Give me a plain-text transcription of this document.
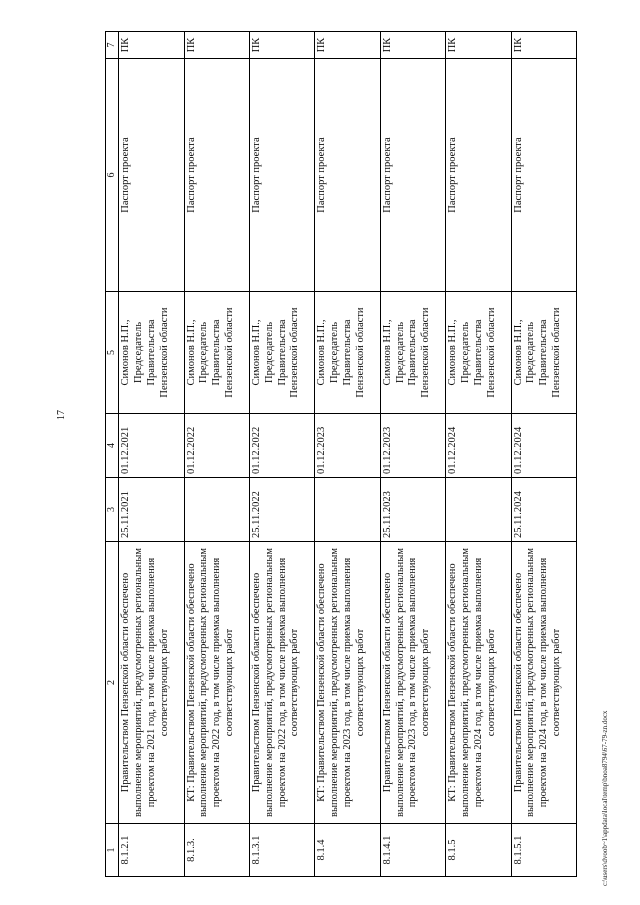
17
c:\users\dvoob~1\appdata\local\temp\bnoa8794\67-79-zn.docx
1	2	3	4	5	6	7
8.1.2.1	Правительством Пензенской области обеспечено выполнение мероприятий, предусмотренных региональным проектом на 2021 год, в том числе приемка выполнения соответствующих работ	25.11.2021	01.12.2021	Симонов Н.П., Председатель Правительства Пензенской области	Паспорт проекта	ПК
8.1.3.	КТ: Правительством Пензенской области обеспечено выполнение мероприятий, предусмотренных региональным проектом на 2022 год, в том числе приемка выполнения соответствующих работ		01.12.2022	Симонов Н.П., Председатель Правительства Пензенской области	Паспорт проекта	ПК
8.1.3.1	Правительством Пензенской области обеспечено выполнение мероприятий, предусмотренных региональным проектом на 2022 год, в том числе приемка выполнения соответствующих работ	25.11.2022	01.12.2022	Симонов Н.П., Председатель Правительства Пензенской области	Паспорт проекта	ПК
8.1.4	КТ: Правительством Пензенской области обеспечено выполнение мероприятий, предусмотренных региональным проектом на 2023 год, в том числе приемка выполнения соответствующих работ		01.12.2023	Симонов Н.П., Председатель Правительства Пензенской области	Паспорт проекта	ПК
8.1.4.1	Правительством Пензенской области обеспечено выполнение мероприятий, предусмотренных региональным проектом на 2023 год, в том числе приемка выполнения соответствующих работ	25.11.2023	01.12.2023	Симонов Н.П., Председатель Правительства Пензенской области	Паспорт проекта	ПК
8.1.5	КТ: Правительством Пензенской области обеспечено выполнение мероприятий, предусмотренных региональным проектом на 2024 год, в том числе приемка выполнения соответствующих работ		01.12.2024	Симонов Н.П., Председатель Правительства Пензенской области	Паспорт проекта	ПК
8.1.5.1	Правительством Пензенской области обеспечено выполнение мероприятий, предусмотренных региональным проектом на 2024 год, в том числе приемка выполнения соответствующих работ	25.11.2024	01.12.2024	Симонов Н.П., Председатель Правительства Пензенской области	Паспорт проекта	ПК
